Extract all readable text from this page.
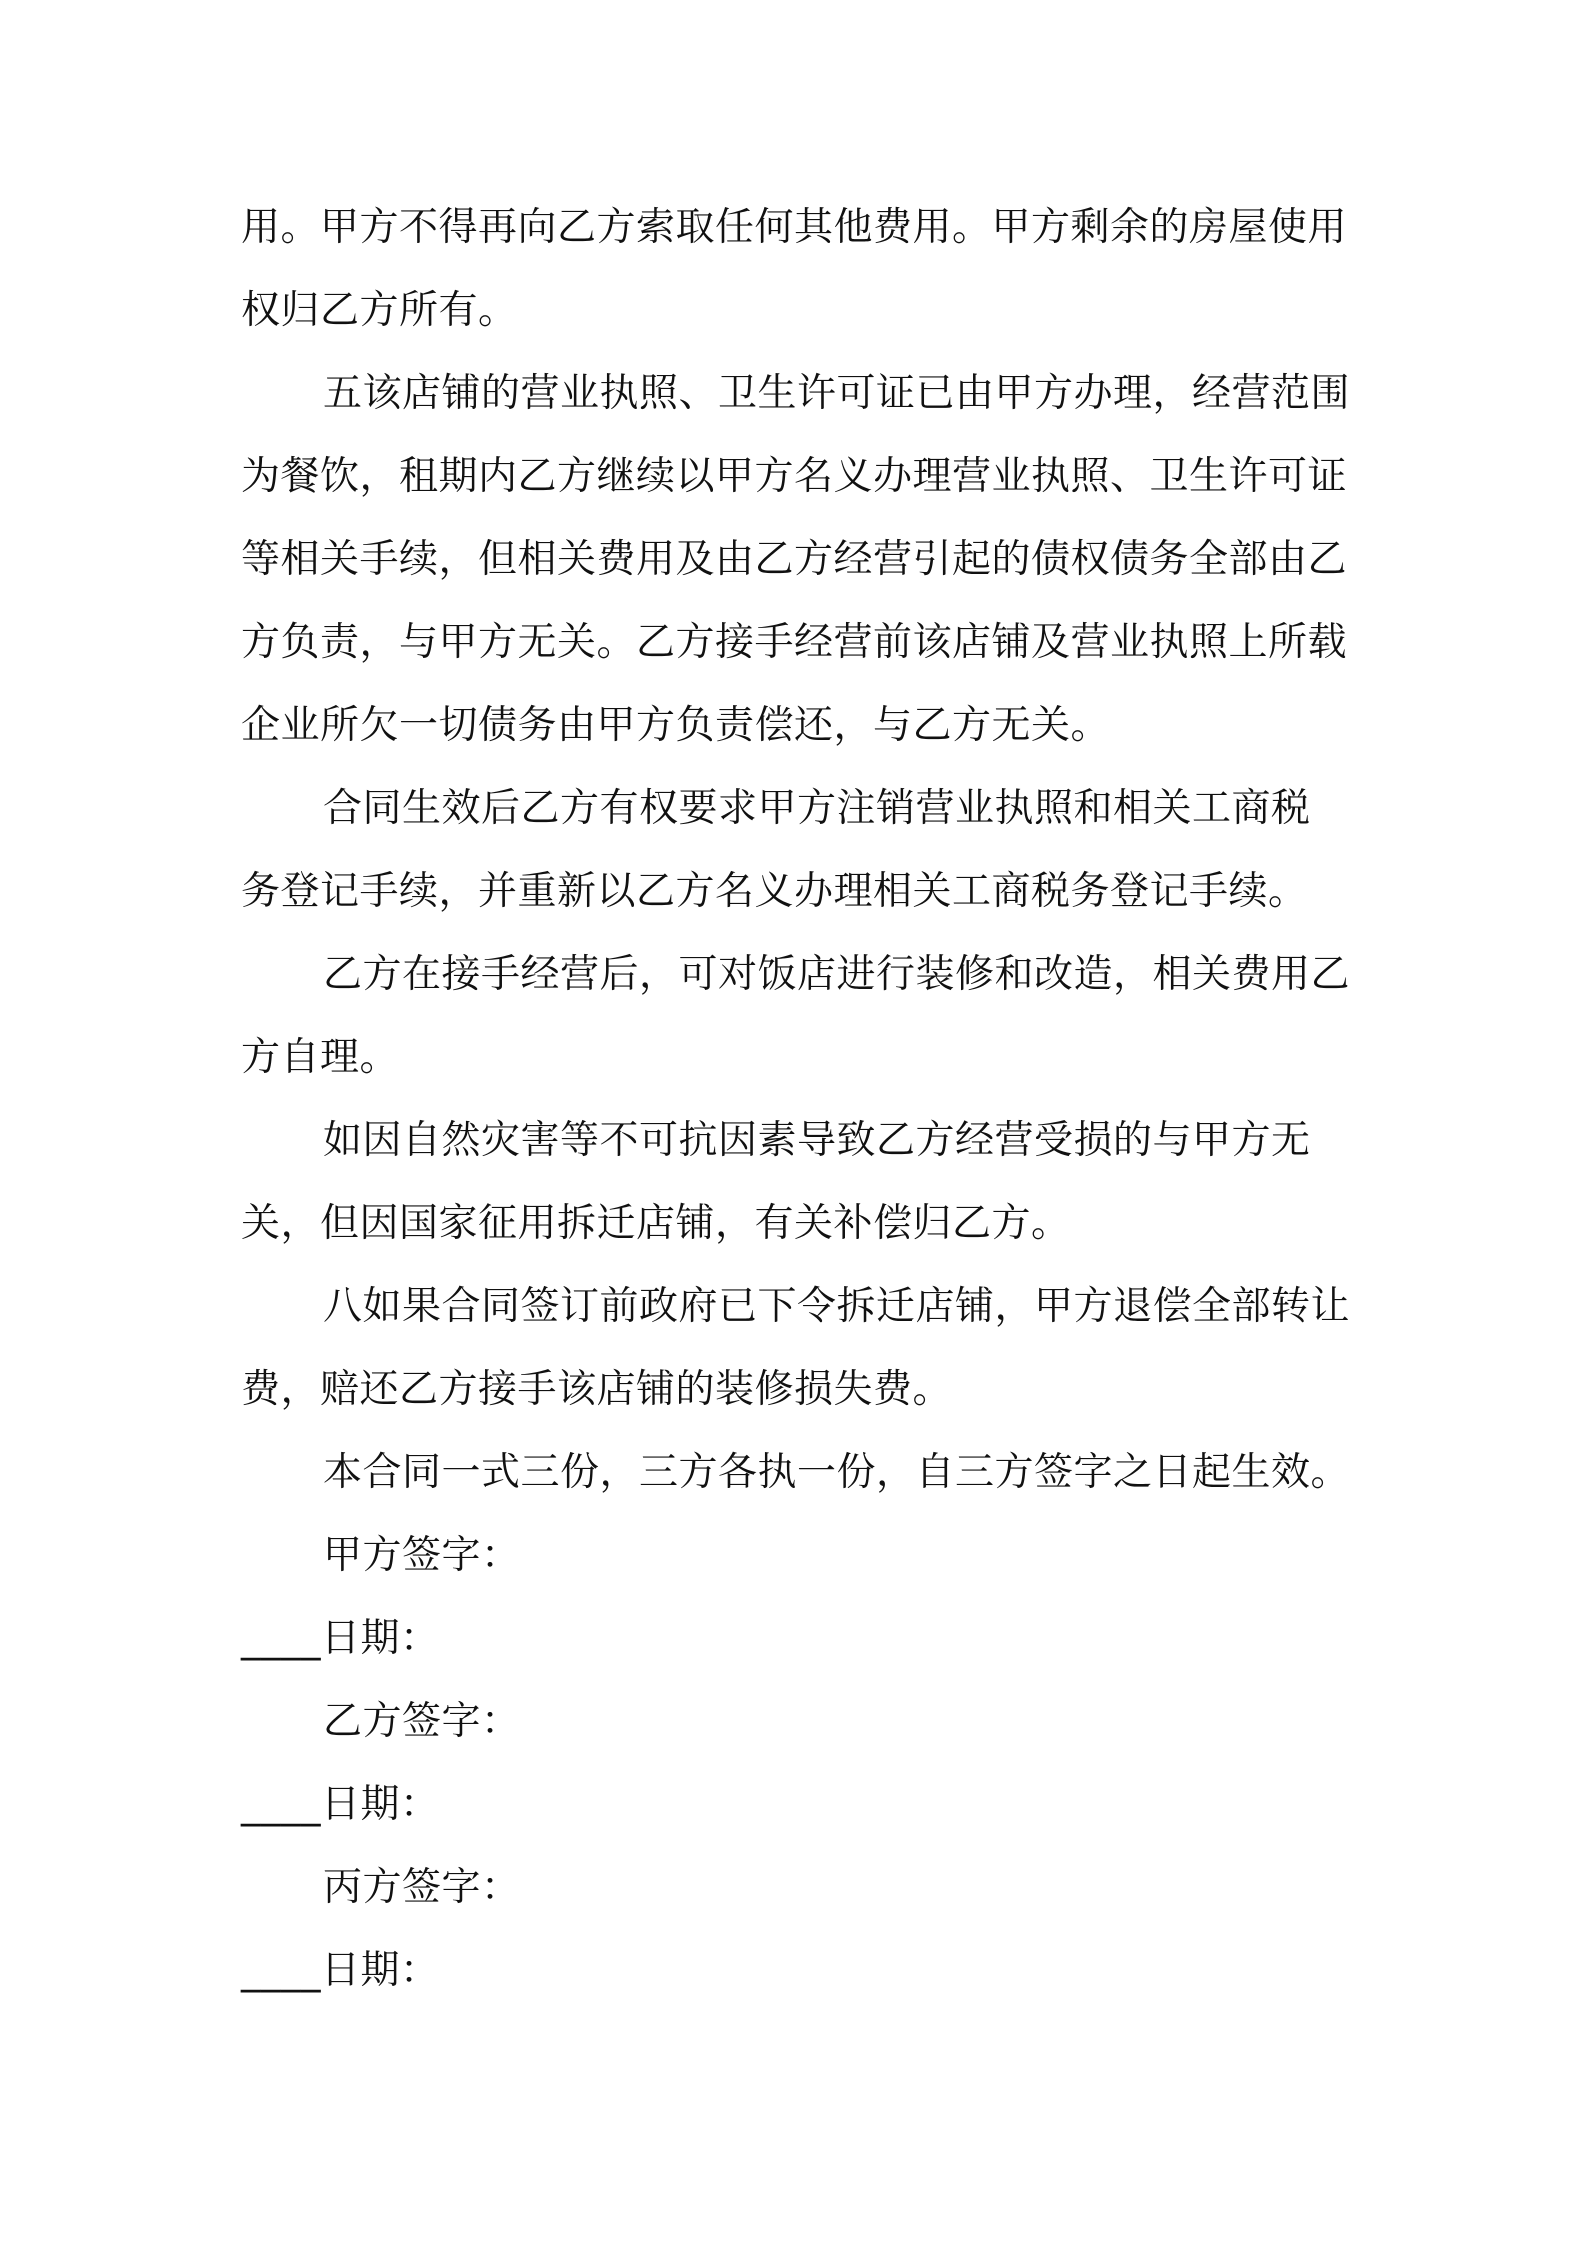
用。甲方不得再向乙方索取任何其他费用。甲方剩余的房屋使用
权归乙方所有。
五该店铺的营业执照、卫生许可证已由甲方办理，经营范围
为餐饮，租期内乙方继续以甲方名义办理营业执照、卫生许可证
等相关手续，但相关费用及由乙方经营引起的债权债务全部由乙
方负责，与甲方无关。乙方接手经营前该店铺及营业执照上所载
企业所欠一切债务由甲方负责偿还，与乙方无关。
合同生效后乙方有权要求甲方注销营业执照和相关工商税
务登记手续，并重新以乙方名义办理相关工商税务登记手续。
乙方在接手经营后，可对饭店进行装修和改造，相关费用乙
方自理。
如因自然灾害等不可抗因素导致乙方经营受损的与甲方无
关，但因国家征用拆迁店铺，有关补偿归乙方。
八如果合同签订前政府已下令拆迁店铺，甲方退偿全部转让
费，赔还乙方接手该店铺的装修损失费。
本合同一式三份，三方各执一份，自三方签字之日起生效。
甲方签字：
____日期：
乙方签字：
____日期：
丙方签字：
____日期：
